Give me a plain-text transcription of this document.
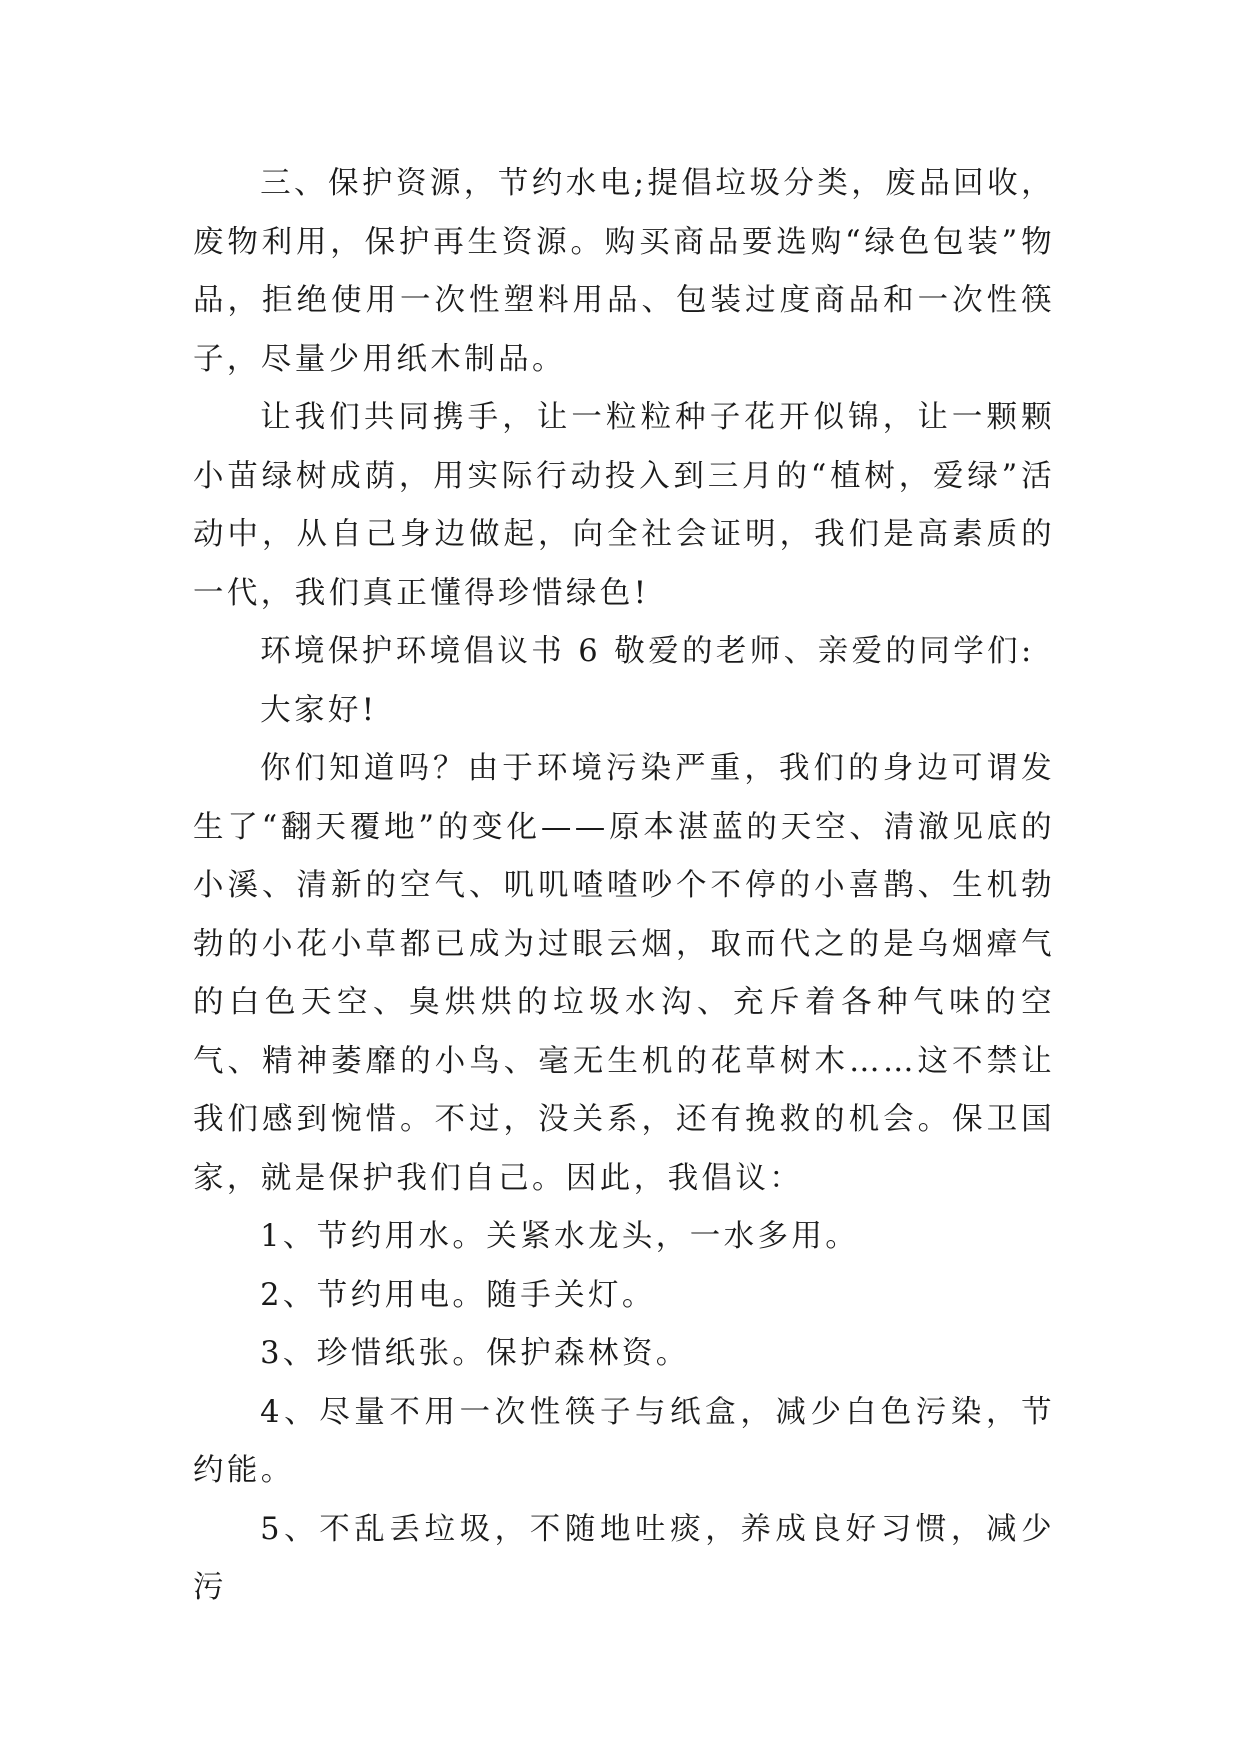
三、保护资源，节约水电;提倡垃圾分类，废品回收，废物利用，保护再生资源。购买商品要选购“绿色包装”物品，拒绝使用一次性塑料用品、包装过度商品和一次性筷子，尽量少用纸木制品。

让我们共同携手，让一粒粒种子花开似锦，让一颗颗小苗绿树成荫，用实际行动投入到三月的“植树，爱绿”活动中，从自己身边做起，向全社会证明，我们是高素质的一代，我们真正懂得珍惜绿色!

环境保护环境倡议书 6 敬爱的老师、亲爱的同学们:

大家好!

你们知道吗？由于环境污染严重，我们的身边可谓发生了“翻天覆地”的变化——原本湛蓝的天空、清澈见底的小溪、清新的空气、叽叽喳喳吵个不停的小喜鹊、生机勃勃的小花小草都已成为过眼云烟，取而代之的是乌烟瘴气的白色天空、臭烘烘的垃圾水沟、充斥着各种气味的空气、精神萎靡的小鸟、毫无生机的花草树木……这不禁让我们感到惋惜。不过，没关系，还有挽救的机会。保卫国家，就是保护我们自己。因此，我倡议：

1、节约用水。关紧水龙头，一水多用。

2、节约用电。随手关灯。

3、珍惜纸张。保护森林资。

4、尽量不用一次性筷子与纸盒，减少白色污染，节约能。

5、不乱丢垃圾，不随地吐痰，养成良好习惯，减少污
